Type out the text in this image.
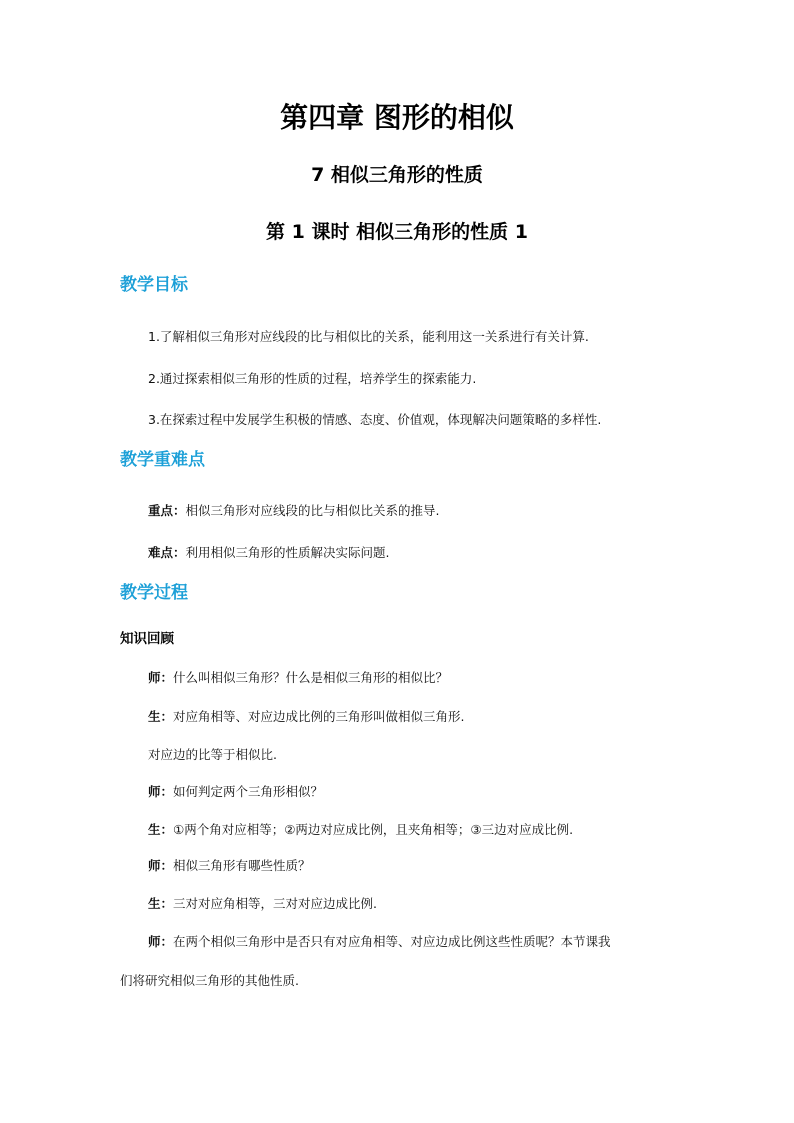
第四章 图形的相似
7 相似三角形的性质
第 1 课时 相似三角形的性质 1
教学目标
1.了解相似三角形对应线段的比与相似比的关系，能利用这一关系进行有关计算.
2.通过探索相似三角形的性质的过程，培养学生的探索能力.
3.在探索过程中发展学生积极的情感、态度、价值观，体现解决问题策略的多样性.
教学重难点
重点：相似三角形对应线段的比与相似比关系的推导.
难点：利用相似三角形的性质解决实际问题.
教学过程
知识回顾
师：什么叫相似三角形？什么是相似三角形的相似比？
生：对应角相等、对应边成比例的三角形叫做相似三角形.
对应边的比等于相似比.
师：如何判定两个三角形相似？
生：①两个角对应相等；②两边对应成比例，且夹角相等；③三边对应成比例.
师：相似三角形有哪些性质？
生：三对对应角相等，三对对应边成比例.
师：在两个相似三角形中是否只有对应角相等、对应边成比例这些性质呢？本节课我
们将研究相似三角形的其他性质.
